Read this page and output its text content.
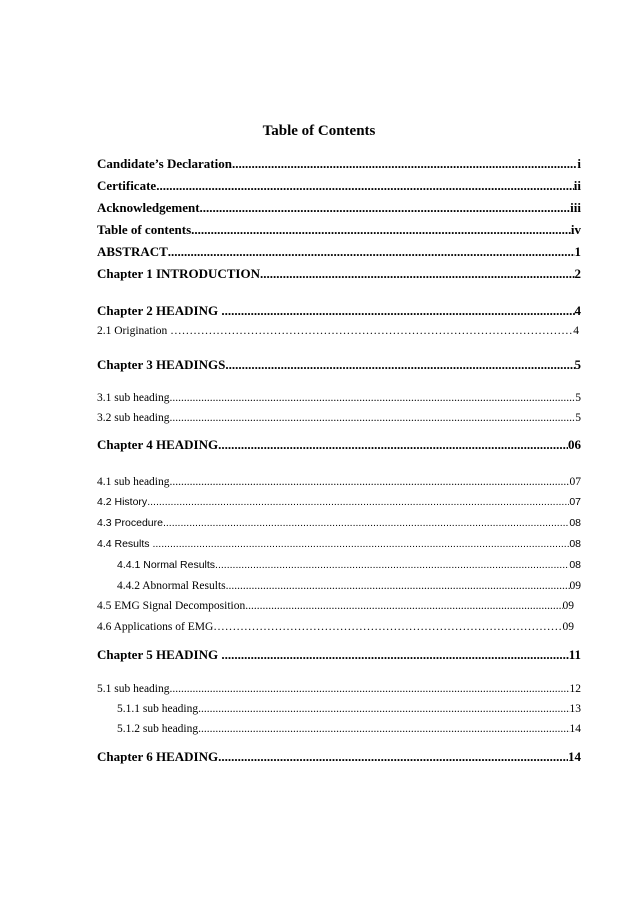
Table of Contents
Candidate’s Declaration	i
.....
Certificate	ii
.....
Acknowledgement	iii
.....
Table of contents	iv
.....
ABSTRACT	1
.....
Chapter 1 INTRODUCTION	2
.....
Chapter 2 HEADING	4
.....
2.1 Origination	4
……………………………………………………………………………………………………………………………………………………
Chapter 3 HEADINGS	5
.....
3.1 sub heading	5
.....
3.2 sub heading	5
.....
Chapter 4 HEADING	06
.....
4.1 sub heading	07
.....
4.2 History	07
.....
4.3 Procedure	08
.....
4.4 Results	08
.....
4.4.1 Normal Results	08
.....
4.4.2 Abnormal Results	09
.....
4.5 EMG Signal Decomposition	09
.....
4.6 Applications of EMG	09
……………………………………………………………………………………………………………………………………………………
Chapter 5 HEADING	11
.....
5.1 sub heading	12
.....
5.1.1 sub heading	13
.....
5.1.2 sub heading	14
.....
Chapter 6 HEADING	14
.....
